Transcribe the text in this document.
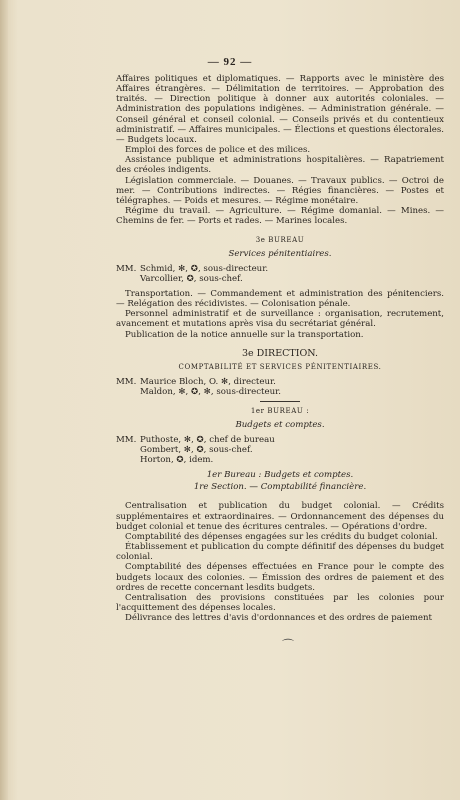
— 92 —

Affaires politiques et diplomatiques. — Rapports avec le ministère des Affaires étrangères. — Délimitation de territoires. — Approbation des traités. — Direction politique à donner aux autorités coloniales. — Administration des populations indigènes. — Administration générale. — Conseil général et conseil colonial. — Conseils privés et du contentieux administratif. — Affaires municipales. — Élections et questions électorales. — Budgets locaux.

Emploi des forces de police et des milices.

Assistance publique et administrations hospitalières. — Rapatriement des créoles indigents.

Législation commerciale. — Douanes. — Travaux publics. — Octroi de mer. — Contributions indirectes. — Régies financières. — Postes et télégraphes. — Poids et mesures. — Régime monétaire.

Régime du travail. — Agriculture. — Régime domanial. — Mines. — Chemins de fer. — Ports et rades. — Marines locales.

3e BUREAU

Services pénitentiaires.

MM. Schmid, ✻, ✪, sous-directeur.

Varcollier, ✪, sous-chef.

Transportation. — Commandement et administration des pénitenciers. — Relégation des récidivistes. — Colonisation pénale.

Personnel administratif et de surveillance : organisation, recrutement, avancement et mutations après visa du secrétariat général.

Publication de la notice annuelle sur la transportation.

3e DIRECTION.

COMPTABILITÉ ET SERVICES PÉNITENTIAIRES.

MM. Maurice Bloch, O. ✻, directeur.

Maldon, ✻, ✪, ✻, sous-directeur.

1er BUREAU :

Budgets et comptes.

MM. Puthoste, ✻, ✪, chef de bureau

Gombert, ✻, ✪, sous-chef.

Horton, ✪, idem.

1er Bureau : Budgets et comptes.

1re Section. — Comptabilité financière.

Centralisation et publication du budget colonial. — Crédits supplémentaires et extraordinaires. — Ordonnancement des dépenses du budget colonial et tenue des écritures centrales. — Opérations d'ordre.

Comptabilité des dépenses engagées sur les crédits du budget colonial.

Établissement et publication du compte définitif des dépenses du budget colonial.

Comptabilité des dépenses effectuées en France pour le compte des budgets locaux des colonies. — Émission des ordres de paiement et des ordres de recette concernant lesdits budgets.

Centralisation des provisions constituées par les colonies pour l'acquittement des dépenses locales.

Délivrance des lettres d'avis d'ordonnances et des ordres de paiement

⌒
